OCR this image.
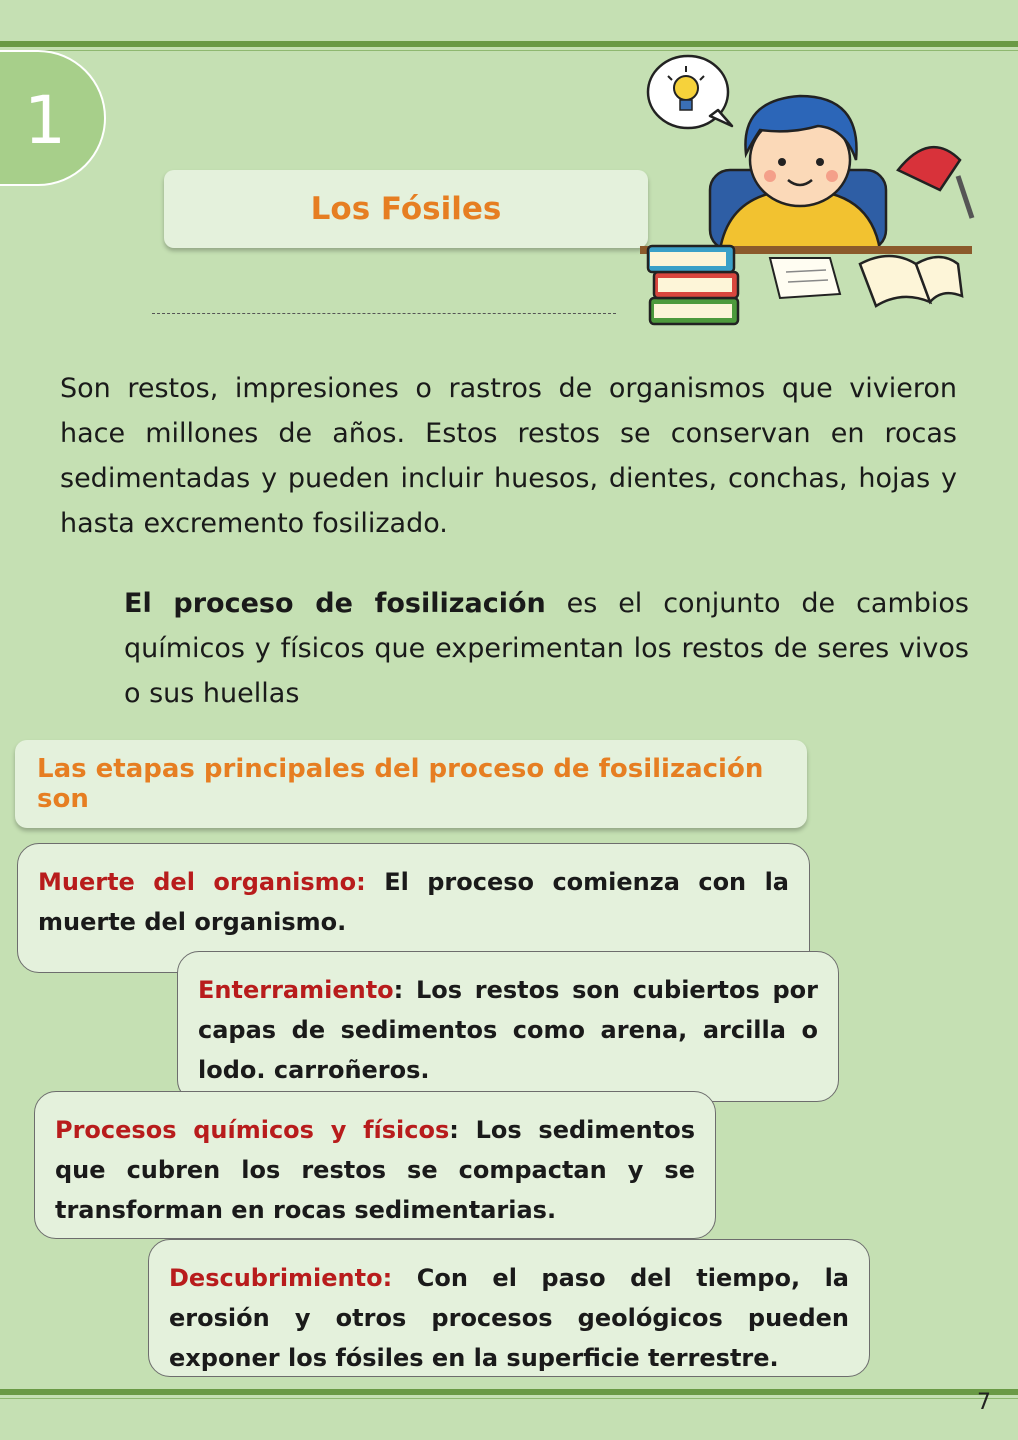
1
Los Fósiles

Son restos, impresiones o rastros de organismos que vivieron hace millones de años. Estos restos se conservan en rocas sedimentadas y pueden incluir huesos, dientes, conchas, hojas y hasta excremento fosilizado.

El proceso de fosilización es el conjunto de cambios químicos y físicos que experimentan los restos de seres vivos o sus huellas

Las etapas principales del proceso de fosilización son
Muerte del organismo: El proceso comienza con la muerte del organismo.
Enterramiento: Los restos son cubiertos por capas de sedimentos como arena, arcilla o lodo. carroñeros.
Procesos químicos y físicos: Los sedimentos que cubren los restos se compactan y se transforman en rocas sedimentarias.
Descubrimiento: Con el paso del tiempo, la erosión y otros procesos geológicos pueden exponer los fósiles en la superficie terrestre.
7
